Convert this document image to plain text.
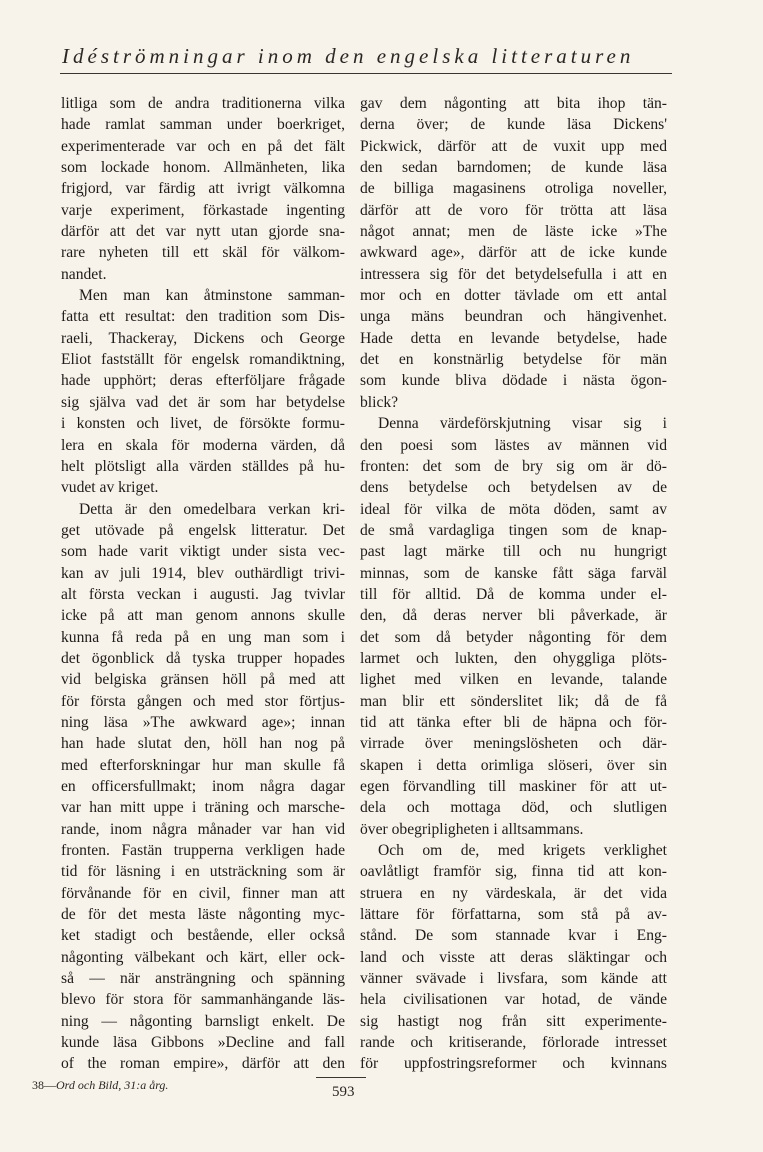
Idéströmningar inom den engelska litteraturen
litliga som de andra traditionerna vilka
hade ramlat samman under boerkriget,
experimenterade var och en på det fält
som lockade honom. Allmänheten, lika
frigjord, var färdig att ivrigt välkomna
varje experiment, förkastade ingenting
därför att det var nytt utan gjorde sna-
rare nyheten till ett skäl för välkom-
nandet.
Men man kan åtminstone samman-
fatta ett resultat: den tradition som Dis-
raeli, Thackeray, Dickens och George
Eliot fastställt för engelsk romandiktning,
hade upphört; deras efterföljare frågade
sig själva vad det är som har betydelse
i konsten och livet, de försökte formu-
lera en skala för moderna värden, då
helt plötsligt alla värden ställdes på hu-
vudet av kriget.
Detta är den omedelbara verkan kri-
get utövade på engelsk litteratur. Det
som hade varit viktigt under sista vec-
kan av juli 1914, blev outhärdligt trivi-
alt första veckan i augusti. Jag tvivlar
icke på att man genom annons skulle
kunna få reda på en ung man som i
det ögonblick då tyska trupper hopades
vid belgiska gränsen höll på med att
för första gången och med stor förtjus-
ning läsa »The awkward age»; innan
han hade slutat den, höll han nog på
med efterforskningar hur man skulle få
en officersfullmakt; inom några dagar
var han mitt uppe i träning och marsche-
rande, inom några månader var han vid
fronten. Fastän trupperna verkligen hade
tid för läsning i en utsträckning som är
förvånande för en civil, finner man att
de för det mesta läste någonting myc-
ket stadigt och bestående, eller också
någonting välbekant och kärt, eller ock-
så — när ansträngning och spänning
blevo för stora för sammanhängande läs-
ning — någonting barnsligt enkelt. De
kunde läsa Gibbons »Decline and fall
of the roman empire», därför att den
gav dem någonting att bita ihop tän-
derna över; de kunde läsa Dickens'
Pickwick, därför att de vuxit upp med
den sedan barndomen; de kunde läsa
de billiga magasinens otroliga noveller,
därför att de voro för trötta att läsa
något annat; men de läste icke »The
awkward age», därför att de icke kunde
intressera sig för det betydelsefulla i att en
mor och en dotter tävlade om ett antal
unga mäns beundran och hängivenhet.
Hade detta en levande betydelse, hade
det en konstnärlig betydelse för män
som kunde bliva dödade i nästa ögon-
blick?
Denna värdeförskjutning visar sig i
den poesi som lästes av männen vid
fronten: det som de bry sig om är dö-
dens betydelse och betydelsen av de
ideal för vilka de möta döden, samt av
de små vardagliga tingen som de knap-
past lagt märke till och nu hungrigt
minnas, som de kanske fått säga farväl
till för alltid. Då de komma under el-
den, då deras nerver bli påverkade, är
det som då betyder någonting för dem
larmet och lukten, den ohyggliga plöts-
lighet med vilken en levande, talande
man blir ett sönderslitet lik; då de få
tid att tänka efter bli de häpna och för-
virrade över meningslösheten och där-
skapen i detta orimliga slöseri, över sin
egen förvandling till maskiner för att ut-
dela och mottaga död, och slutligen
över obegripligheten i alltsammans.
Och om de, med krigets verklighet
oavlåtligt framför sig, finna tid att kon-
struera en ny värdeskala, är det vida
lättare för författarna, som stå på av-
stånd. De som stannade kvar i Eng-
land och visste att deras släktingar och
vänner svävade i livsfara, som kände att
hela civilisationen var hotad, de vände
sig hastigt nog från sitt experimente-
rande och kritiserande, förlorade intresset
för uppfostringsreformer och kvinnans
38—Ord och Bild, 31:a årg.	593
